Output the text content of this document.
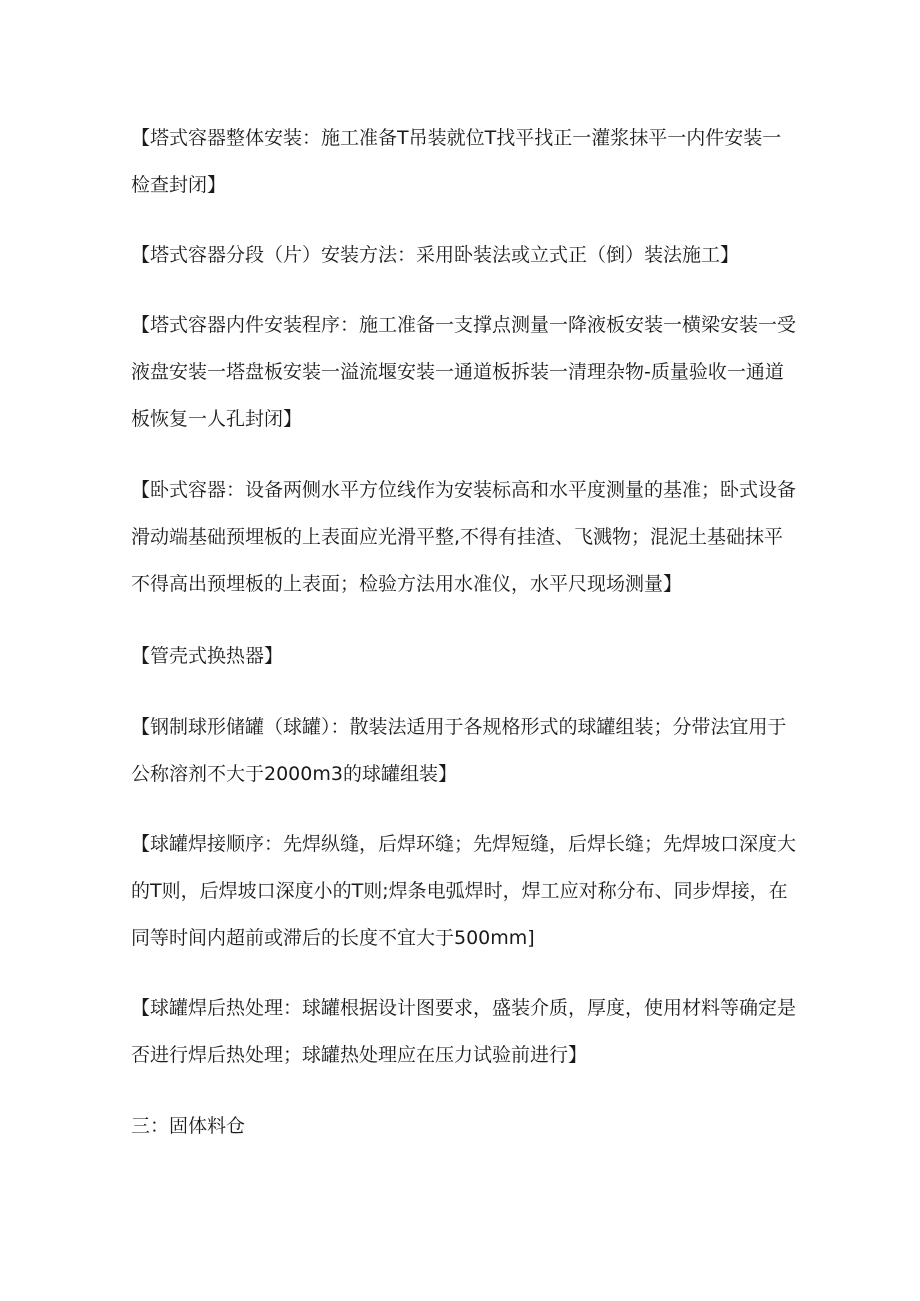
【塔式容器整体安装：施工准备T吊装就位T找平找正一灌浆抹平一内件安装一检查封闭】

【塔式容器分段（片）安装方法：采用卧装法或立式正（倒）装法施工】

【塔式容器内件安装程序：施工准备一支撑点测量一降液板安装一横梁安装一受液盘安装一塔盘板安装一溢流堰安装一通道板拆装一清理杂物-质量验收一通道板恢复一人孔封闭】

【卧式容器：设备两侧水平方位线作为安装标高和水平度测量的基准；卧式设备滑动端基础预埋板的上表面应光滑平整,不得有挂渣、飞溅物；混泥土基础抹平不得高出预埋板的上表面；检验方法用水准仪，水平尺现场测量】

【管壳式换热器】

【钢制球形储罐（球罐）：散装法适用于各规格形式的球罐组装；分带法宜用于公称溶剂不大于2000m3的球罐组装】

【球罐焊接顺序：先焊纵缝，后焊环缝；先焊短缝，后焊长缝；先焊坡口深度大的T则，后焊坡口深度小的T则;焊条电弧焊时，焊工应对称分布、同步焊接，在同等时间内超前或滞后的长度不宜大于500mm]

【球罐焊后热处理：球罐根据设计图要求，盛装介质，厚度，使用材料等确定是否进行焊后热处理；球罐热处理应在压力试验前进行】

三：固体料仓
